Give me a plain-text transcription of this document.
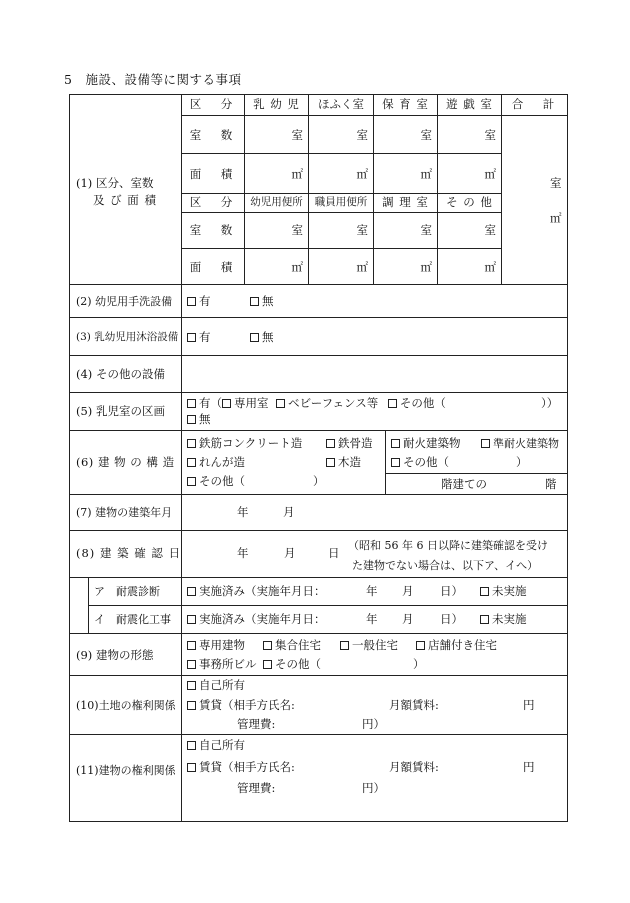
5　施設、設備等に関する事項
(1) 区分、室数
及 び 面 積
区　分	乳 幼 児	ほふく室	保 育 室	遊 戯 室	合　計
室　数	室	室	室	室
面　積	㎡	㎡	㎡	㎡
区　分	幼児用便所	職員用便所	調 理 室	そ の 他
室　数	室	室	室	室
面　積	㎡	㎡	㎡	㎡
室
㎡
(2) 幼児用手洗設備	有	無
(3) 乳幼児用沐浴設備	有	無
(4) その他の設備
(5) 乳児室の区画
有（ 専用室 ベビーフェンス等 その他（	））
無
(6) 建 物 の 構 造
鉄筋コンクリート造	鉄骨造
れんが造	木造
その他（	）
耐火建築物	準耐火建築物
その他（	）
階建ての	階
(7) 建物の建築年月	年	月
(8) 建 築 確 認 日	年	月	日
（昭和 56 年 6 日以降に建築確認を受け
た建物でない場合は、以下ア、イへ）
ア　耐震診断	実施済み（実施年月日：	年 月 日）	未実施
イ　耐震化工事	実施済み（実施年月日：	年 月 日）	未実施
(9) 建物の形態
専用建物	集合住宅	一般住宅	店舗付き住宅
事務所ビル	その他（	）
(10)土地の権利関係
自己所有
賃貸（相手方氏名:	月額賃料:	円
管理費:	円）
(11)建物の権利関係
自己所有
賃貸（相手方氏名:	月額賃料:	円
管理費:	円）
